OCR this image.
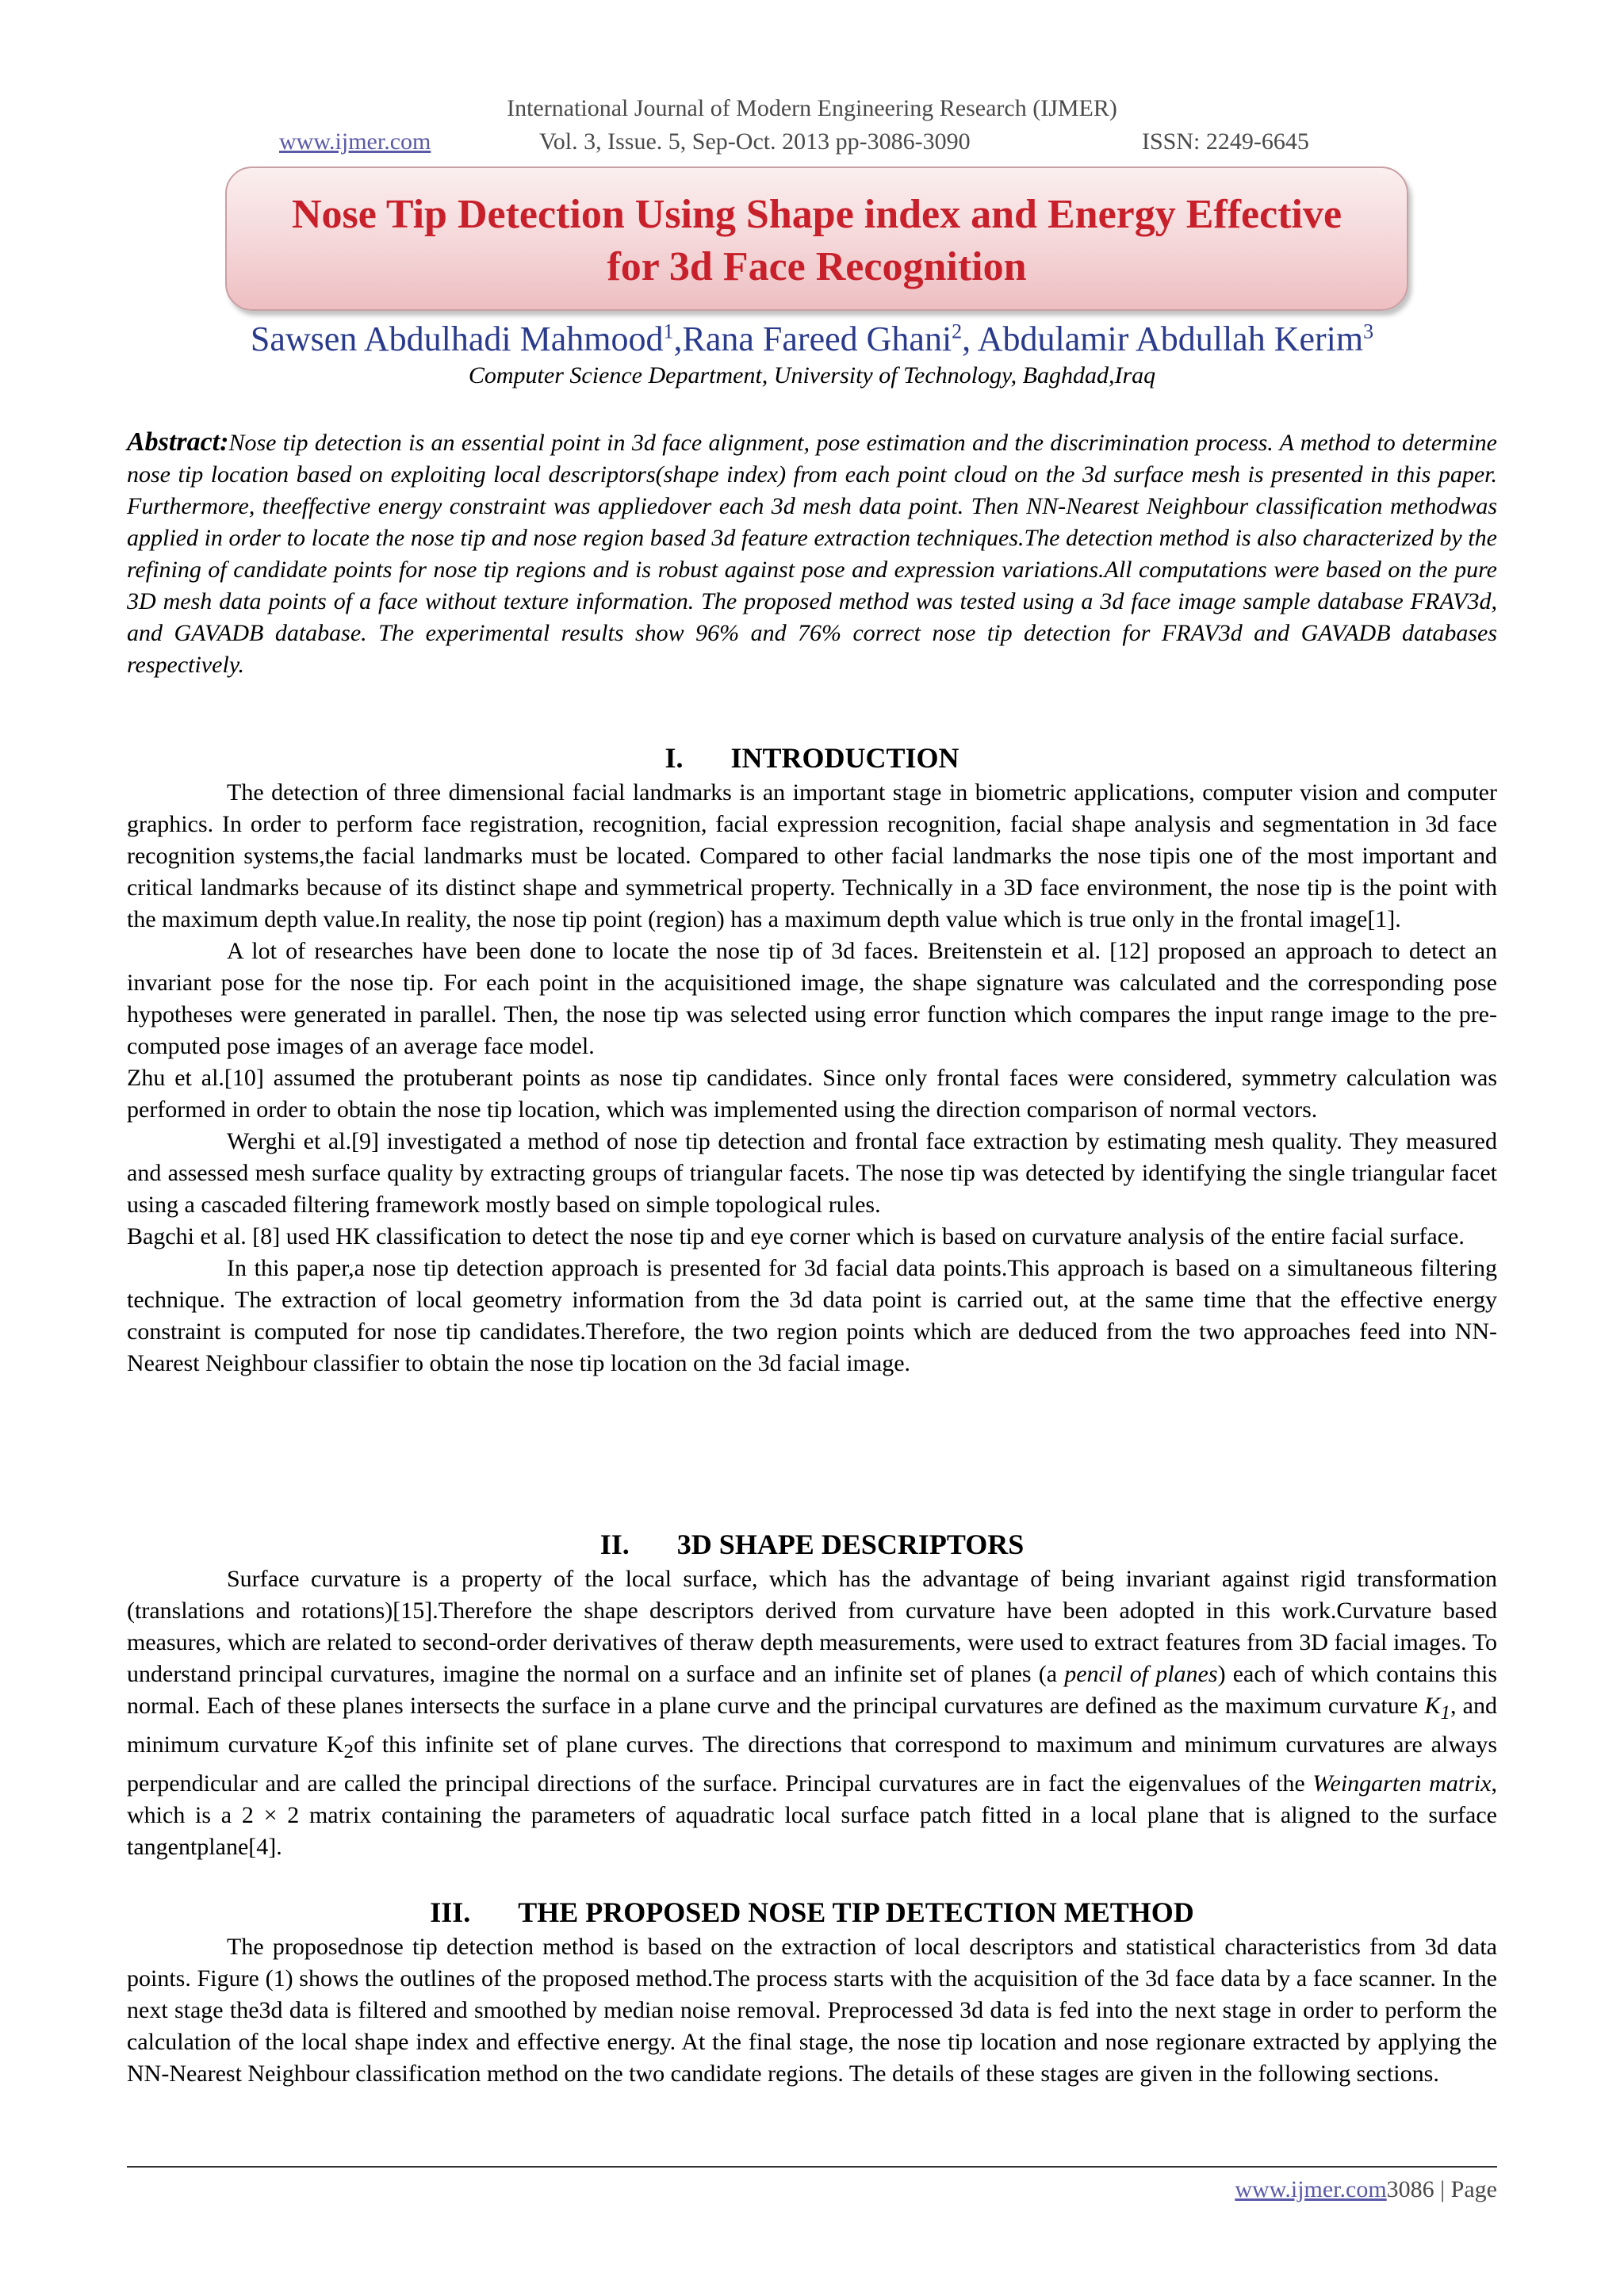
International Journal of Modern Engineering Research (IJMER)
www.ijmer.com	Vol. 3, Issue. 5, Sep-Oct. 2013 pp-3086-3090	ISSN: 2249-6645
Nose Tip Detection Using Shape index and Energy Effective
for 3d Face Recognition
Sawsen Abdulhadi Mahmood$^1$,Rana Fareed Ghani$^2$, Abdulamir Abdullah Kerim$^3$
Computer Science Department, University of Technology, Baghdad,Iraq
Abstract:Nose tip detection is an essential point in 3d face alignment, pose estimation and the discrimination process. A method to determine nose tip location based on exploiting local descriptors(shape index) from each point cloud on the 3d surface mesh is presented in this paper. Furthermore, theeffective energy constraint was appliedover each 3d mesh data point. Then NN-Nearest Neighbour classification methodwas applied in order to locate the nose tip and nose region based 3d feature extraction techniques.The detection method is also characterized by the refining of candidate points for nose tip regions and is robust against pose and expression variations.All computations were based on the pure 3D mesh data points of a face without texture information. The proposed method was tested using a 3d face image sample database FRAV3d, and GAVADB database. The experimental results show 96% and 76% correct nose tip detection for FRAV3d and GAVADB databases respectively.
I. INTRODUCTION

The detection of three dimensional facial landmarks is an important stage in biometric applications, computer vision and computer graphics. In order to perform face registration, recognition, facial expression recognition, facial shape analysis and segmentation in 3d face recognition systems,the facial landmarks must be located. Compared to other facial landmarks the nose tipis one of the most important and critical landmarks because of its distinct shape and symmetrical property. Technically in a 3D face environment, the nose tip is the point with the maximum depth value.In reality, the nose tip point (region) has a maximum depth value which is true only in the frontal image[1].

A lot of researches have been done to locate the nose tip of 3d faces. Breitenstein et al. [12] proposed an approach to detect an invariant pose for the nose tip. For each point in the acquisitioned image, the shape signature was calculated and the corresponding pose hypotheses were generated in parallel. Then, the nose tip was selected using error function which compares the input range image to the pre-computed pose images of an average face model.

Zhu et al.[10] assumed the protuberant points as nose tip candidates. Since only frontal faces were considered, symmetry calculation was performed in order to obtain the nose tip location, which was implemented using the direction comparison of normal vectors.

Werghi et al.[9] investigated a method of nose tip detection and frontal face extraction by estimating mesh quality. They measured and assessed mesh surface quality by extracting groups of triangular facets. The nose tip was detected by identifying the single triangular facet using a cascaded filtering framework mostly based on simple topological rules.

Bagchi et al. [8] used HK classification to detect the nose tip and eye corner which is based on curvature analysis of the entire facial surface.

In this paper,a nose tip detection approach is presented for 3d facial data points.This approach is based on a simultaneous filtering technique. The extraction of local geometry information from the 3d data point is carried out, at the same time that the effective energy constraint is computed for nose tip candidates.Therefore, the two region points which are deduced from the two approaches feed into NN-Nearest Neighbour classifier to obtain the nose tip location on the 3d facial image.

II. 3D SHAPE DESCRIPTORS

Surface curvature is a property of the local surface, which has the advantage of being invariant against rigid transformation (translations and rotations)[15].Therefore the shape descriptors derived from curvature have been adopted in this work.Curvature based measures, which are related to second-order derivatives of theraw depth measurements, were used to extract features from 3D facial images. To understand principal curvatures, imagine the normal on a surface and an infinite set of planes (a pencil of planes) each of which contains this normal. Each of these planes intersects the surface in a plane curve and the principal curvatures are defined as the maximum curvature $K_1$, and minimum curvature $K_2of$ this infinite set of plane curves. The directions that correspond to maximum and minimum curvatures are always perpendicular and are called the principal directions of the surface. Principal curvatures are in fact the eigenvalues of the Weingarten matrix, which is a 2 × 2 matrix containing the parameters of aquadratic local surface patch fitted in a local plane that is aligned to the surface tangentplane[4].

III. THE PROPOSED NOSE TIP DETECTION METHOD

The proposednose tip detection method is based on the extraction of local descriptors and statistical characteristics from 3d data points. Figure (1) shows the outlines of the proposed method.The process starts with the acquisition of the 3d face data by a face scanner. In the next stage the3d data is filtered and smoothed by median noise removal. Preprocessed 3d data is fed into the next stage in order to perform the calculation of the local shape index and effective energy. At the final stage, the nose tip location and nose regionare extracted by applying the NN-Nearest Neighbour classification method on the two candidate regions. The details of these stages are given in the following sections.

www.ijmer.com3086 | Page
